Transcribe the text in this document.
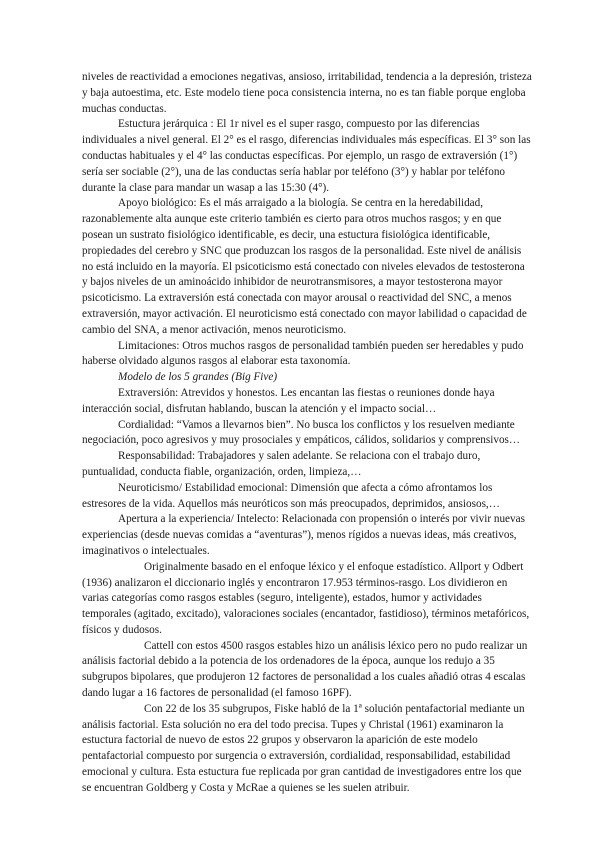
niveles de reactividad a emociones negativas, ansioso, irritabilidad, tendencia a la depresión, tristeza y baja autoestima, etc. Este modelo tiene poca consistencia interna, no es tan fiable porque engloba muchas conductas.

Estuctura jerárquica : El 1r nivel es el super rasgo, compuesto por las diferencias individuales a nivel general. El 2° es el rasgo, diferencias individuales más específicas. El 3° son las conductas habituales y el 4° las conductas específicas. Por ejemplo, un rasgo de extraversión (1°) sería ser sociable (2°), una de las conductas sería hablar por teléfono (3°) y hablar por teléfono durante la clase para mandar un wasap a las 15:30 (4°).

Apoyo biológico: Es el más arraigado a la biología. Se centra en la heredabilidad, razonablemente alta aunque este criterio también es cierto para otros muchos rasgos; y en que posean un sustrato fisiológico identificable, es decir, una estuctura fisiológica identificable, propiedades del cerebro y SNC que produzcan los rasgos de la personalidad. Este nivel de análisis no está incluido en la mayoría. El psicoticismo está conectado con niveles elevados de testosterona y bajos niveles de un aminoácido inhibidor de neurotransmisores, a mayor testosterona mayor psicoticismo. La extraversión está conectada con mayor arousal o reactividad del SNC, a menos extraversión, mayor activación. El neuroticismo está conectado con mayor labilidad o capacidad de cambio del SNA, a menor activación, menos neuroticismo.

Limitaciones: Otros muchos rasgos de personalidad también pueden ser heredables y pudo haberse olvidado algunos rasgos al elaborar esta taxonomía.

Modelo de los 5 grandes (Big Five)

Extraversión: Atrevidos y honestos. Les encantan las fiestas o reuniones donde haya interacción social, disfrutan hablando, buscan la atención y el impacto social…

Cordialidad: “Vamos a llevarnos bien”. No busca los conflictos y los resuelven mediante negociación, poco agresivos y muy prosociales y empáticos, cálidos, solidarios y comprensivos…

Responsabilidad: Trabajadores y salen adelante. Se relaciona con el trabajo duro, puntualidad, conducta fiable, organización, orden, limpieza,…

Neuroticismo/ Estabilidad emocional: Dimensión que afecta a cómo afrontamos los estresores de la vida. Aquellos más neuróticos son más preocupados, deprimidos, ansiosos,…

Apertura a la experiencia/ Intelecto: Relacionada con propensión o interés por vivir nuevas experiencias (desde nuevas comidas a “aventuras”), menos rígidos a nuevas ideas, más creativos, imaginativos o intelectuales.

Originalmente basado en el enfoque léxico y el enfoque estadístico. Allport y Odbert (1936) analizaron el diccionario inglés y encontraron 17.953 términos-rasgo. Los dividieron en varias categorías como rasgos estables (seguro, inteligente), estados, humor y actividades temporales (agitado, excitado), valoraciones sociales (encantador, fastidioso), términos metafóricos, físicos y dudosos.

Cattell con estos 4500 rasgos estables hizo un análisis léxico pero no pudo realizar un análisis factorial debido a la potencia de los ordenadores de la época, aunque los redujo a 35 subgrupos bipolares, que produjeron 12 factores de personalidad a los cuales añadió otras 4 escalas dando lugar a 16 factores de personalidad (el famoso 16PF).

Con 22 de los 35 subgrupos, Fiske habló de la 1ª solución pentafactorial mediante un análisis factorial. Esta solución no era del todo precisa. Tupes y Christal (1961) examinaron la estuctura factorial de nuevo de estos 22 grupos y observaron la aparición de este modelo pentafactorial compuesto por surgencia o extraversión, cordialidad, responsabilidad, estabilidad emocional y cultura. Esta estuctura fue replicada por gran cantidad de investigadores entre los que se encuentran Goldberg y Costa y McRae a quienes se les suelen atribuir.
